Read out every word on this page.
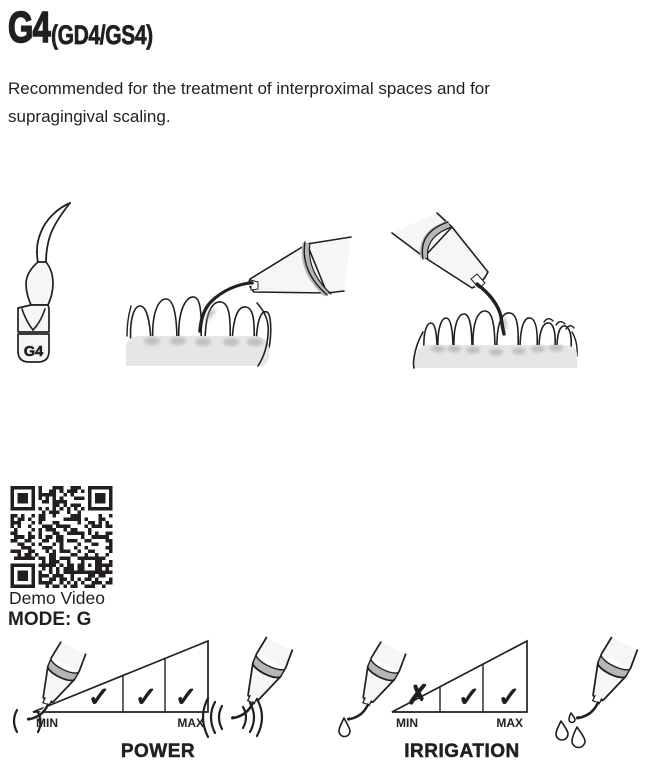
G4 (GD4/GS4)

Recommended for the treatment of interproximal spaces and for supragingival scaling.

G4
Demo Video
MODE: G
✓ ✓ ✓
MIN	MAX
POWER
✗ ✓ ✓
MIN	MAX
IRRIGATION
